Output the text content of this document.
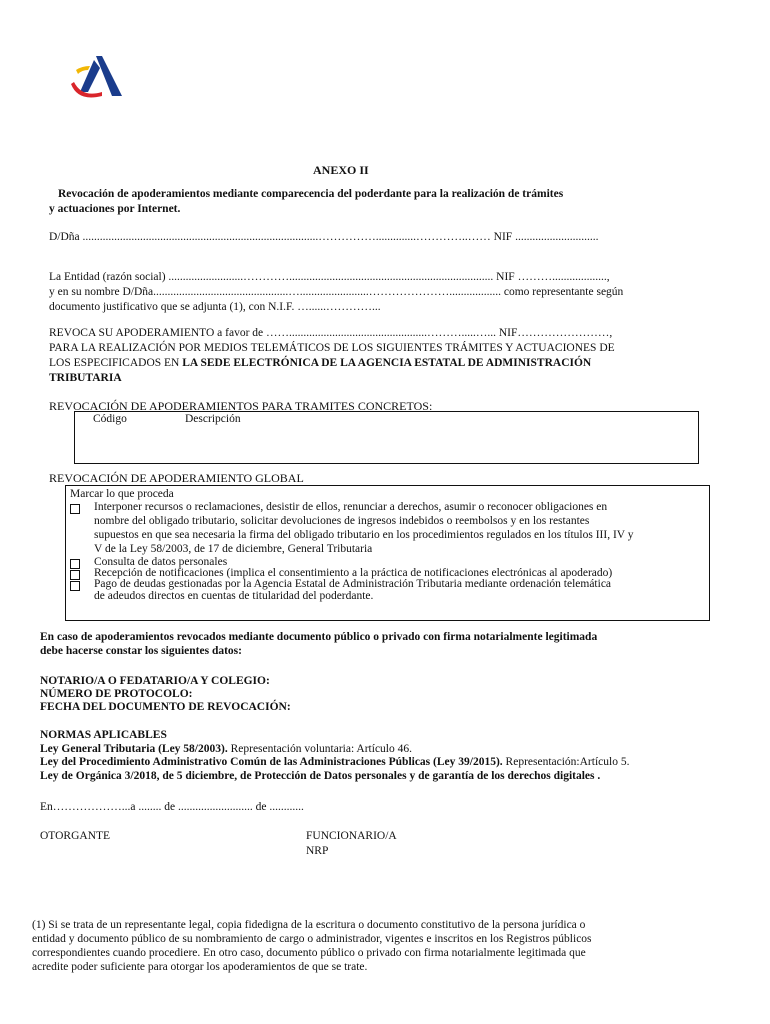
ANEXO II
Revocación de apoderamientos mediante comparecencia del poderdante para la realización de trámites
y actuaciones por Internet.
D/Dña ..................................................................................……………..............…………..…… NIF .............................
La Entidad (razón social) ..........................…………....................................................................... NIF ………...................,
y en su nombre D/Dña...............................................…........................………………….................. como representante según
documento justificativo que se adjunta (1), con N.I.F. …......…………...
REVOCA SU APODERAMIENTO a favor de ……................................................……….....…... NIF……………………,
PARA LA REALIZACIÓN POR MEDIOS TELEMÁTICOS DE LOS SIGUIENTES TRÁMITES Y ACTUACIONES DE
LOS ESPECIFICADOS EN LA SEDE ELECTRÓNICA DE LA AGENCIA ESTATAL DE ADMINISTRACIÓN
TRIBUTARIA
REVOCACIÓN DE APODERAMIENTOS PARA TRAMITES CONCRETOS:
Código	Descripción
REVOCACIÓN DE APODERAMIENTO GLOBAL
Marcar lo que proceda
Interponer recursos o reclamaciones, desistir de ellos, renunciar a derechos, asumir o reconocer obligaciones en
nombre del obligado tributario, solicitar devoluciones de ingresos indebidos o reembolsos y en los restantes
supuestos en que sea necesaria la firma del obligado tributario en los procedimientos regulados en los títulos III, IV y
V de la Ley 58/2003, de 17 de diciembre, General Tributaria
Consulta de datos personales
Recepción de notificaciones (implica el consentimiento a la práctica de notificaciones electrónicas al apoderado)
Pago de deudas gestionadas por la Agencia Estatal de Administración Tributaria mediante ordenación telemática
de adeudos directos en cuentas de titularidad del poderdante.
En caso de apoderamientos revocados mediante documento público o privado con firma notarialmente legitimada
debe hacerse constar los siguientes datos:
NOTARIO/A O FEDATARIO/A Y COLEGIO:
NÚMERO DE PROTOCOLO:
FECHA DEL DOCUMENTO DE REVOCACIÓN:
NORMAS APLICABLES
Ley General Tributaria (Ley 58/2003). Representación voluntaria: Artículo 46.
Ley del Procedimiento Administrativo Común de las Administraciones Públicas (Ley 39/2015). Representación:Artículo 5.
Ley de Orgánica 3/2018, de 5 diciembre, de Protección de Datos personales y de garantía de los derechos digitales .
En………………...a ........ de .......................... de ............
OTORGANTE	FUNCIONARIO/A
NRP
(1) Si se trata de un representante legal, copia fidedigna de la escritura o documento constitutivo de la persona jurídica o
entidad y documento público de su nombramiento de cargo o administrador, vigentes e inscritos en los Registros públicos
correspondientes cuando procediere. En otro caso, documento público o privado con firma notarialmente legitimada que
acredite poder suficiente para otorgar los apoderamientos de que se trate.
